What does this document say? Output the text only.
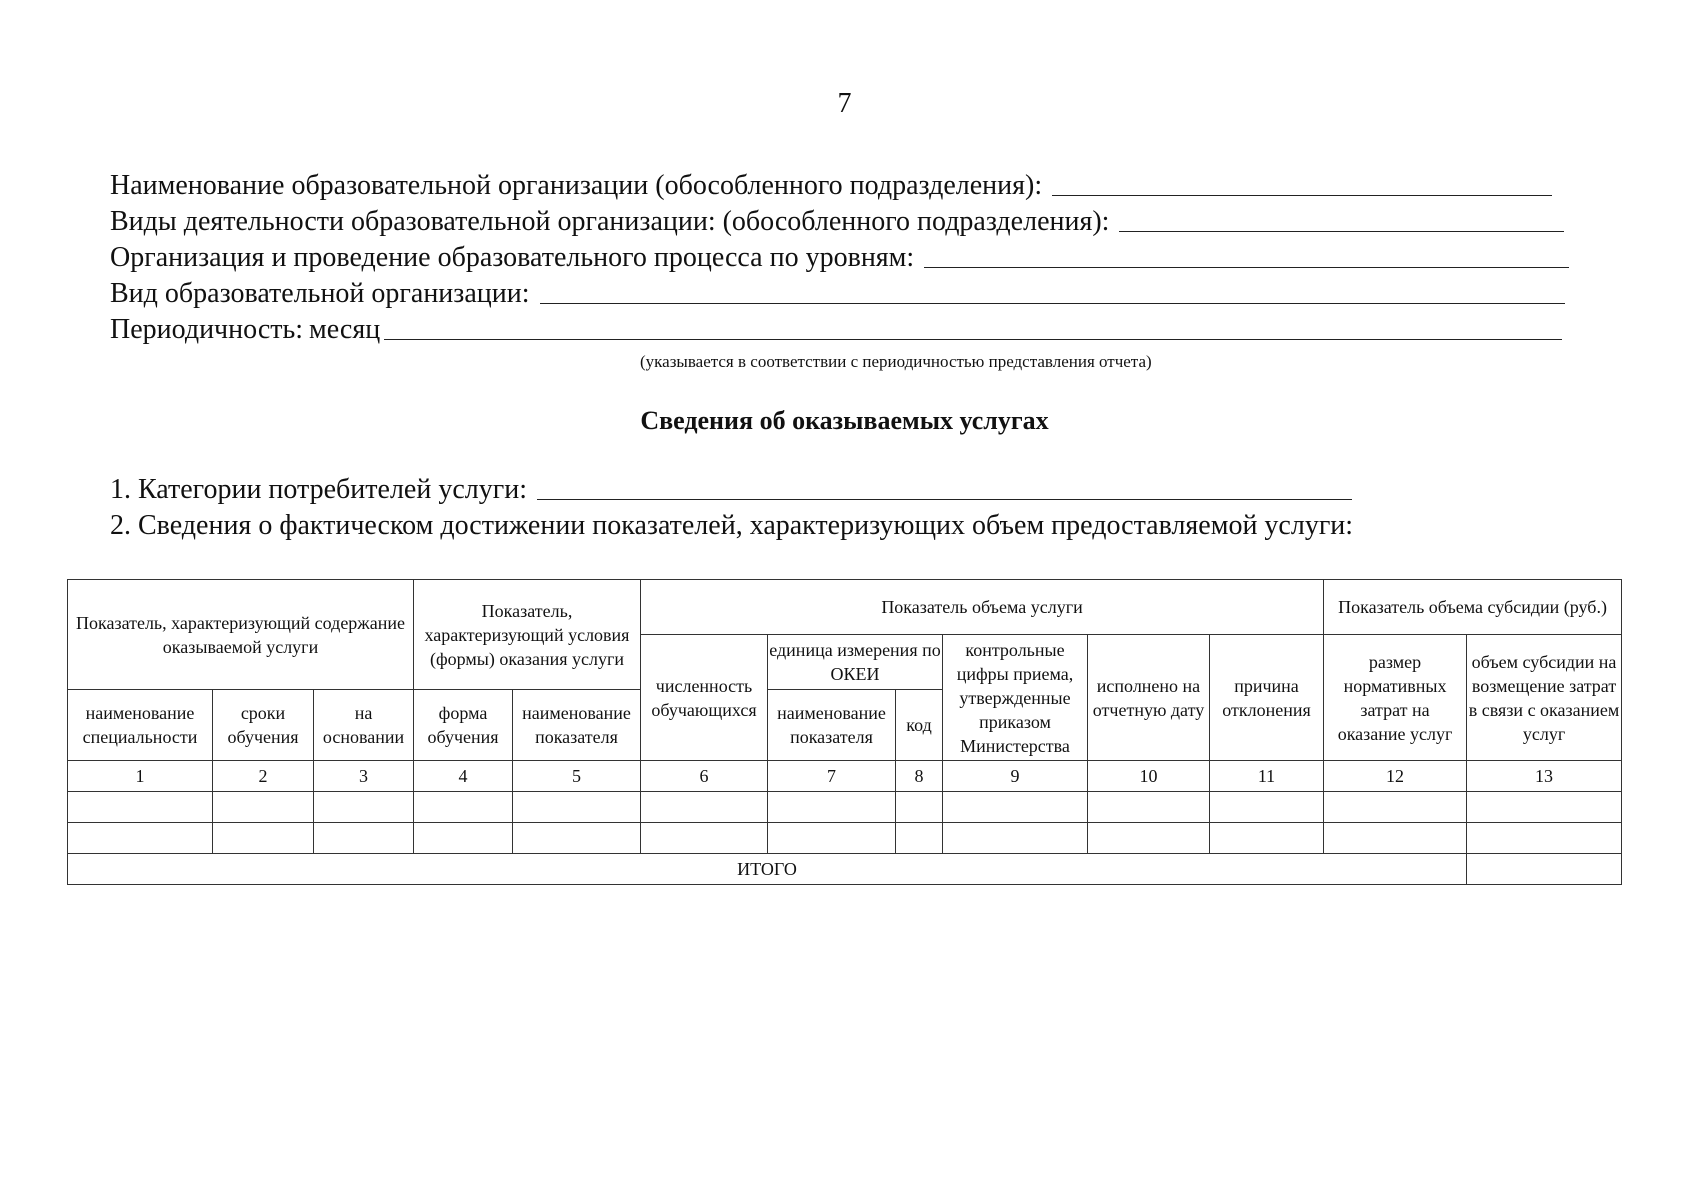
7
Наименование образовательной организации (обособленного подразделения):
Виды деятельности образовательной организации: (обособленного подразделения):
Организация и проведение образовательного процесса по уровням:
Вид образовательной организации:
Периодичность: месяц
(указывается в соответствии с периодичностью представления отчета)
Сведения об оказываемых услугах
1. Категории потребителей услуги:
2. Сведения о фактическом достижении показателей, характеризующих объем предоставляемой услуги:
Показатель, характеризующий содержание оказываемой услуги			Показатель, характеризующий условия (формы) оказания услуги		Показатель объема услуги						Показатель объема субсидии (руб.)	
					численность обучающихся	единица измерения по ОКЕИ		контрольные цифры приема, утвержденные приказом Министерства	исполнено на отчетную дату	причина отклонения	размер нормативных затрат на оказание услуг	объем субсидии на возмещение затрат в связи с оказанием услуг
наименование специальности	сроки обучения	на основании	форма обучения	наименование показателя		наименование показателя	код					
1	2	3	4	5	6	7	8	9	10	11	12	13

ИТОГО												
